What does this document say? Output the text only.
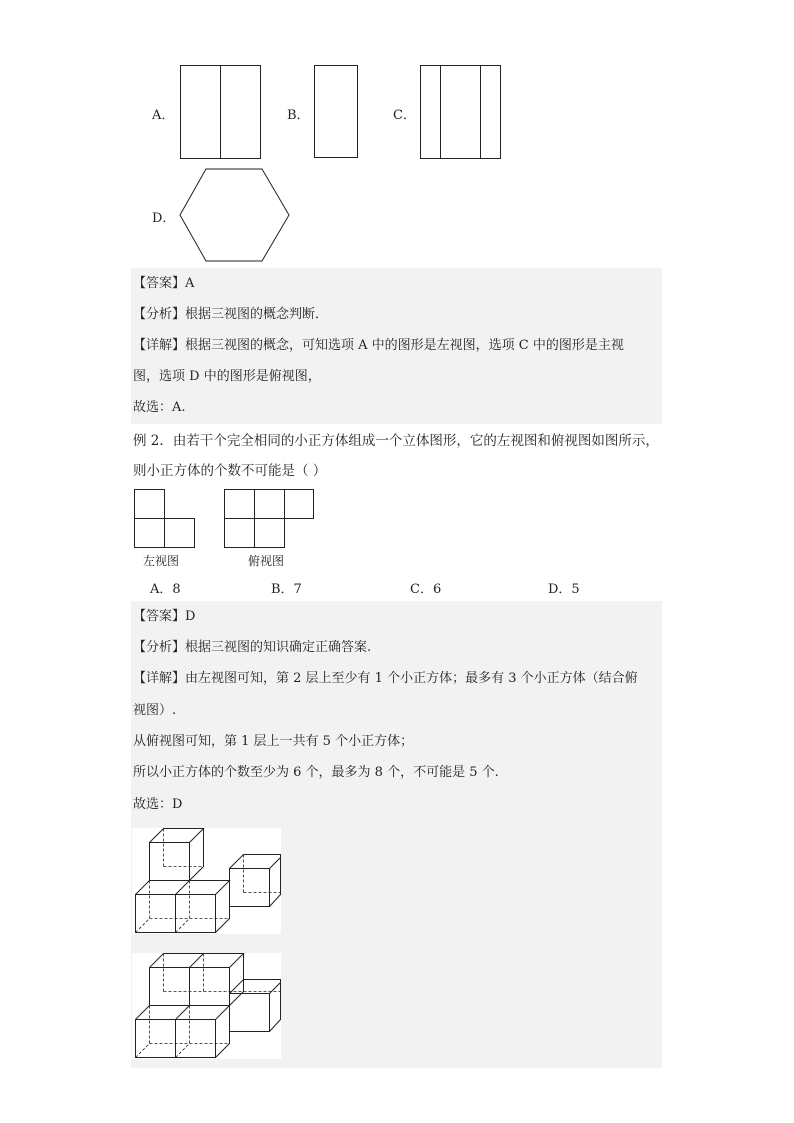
A．	B．	C．
D．
【答案】A
【分析】根据三视图的概念判断．
【详解】根据三视图的概念，可知选项 A 中的图形是左视图，选项 C 中的图形是主视
图，选项 D 中的图形是俯视图，
故选：A.
例 2．由若干个完全相同的小正方体组成一个立体图形，它的左视图和俯视图如图所示，
则小正方体的个数不可能是（ ）
左视图	俯视图
A．8	B．7	C．6	D．5
【答案】D
【分析】根据三视图的知识确定正确答案.
【详解】由左视图可知，第 2 层上至少有 1 个小正方体；最多有 3 个小正方体（结合俯
视图）.
从俯视图可知，第 1 层上一共有 5 个小正方体；
所以小正方体的个数至少为 6 个，最多为 8 个，不可能是 5 个.
故选：D
